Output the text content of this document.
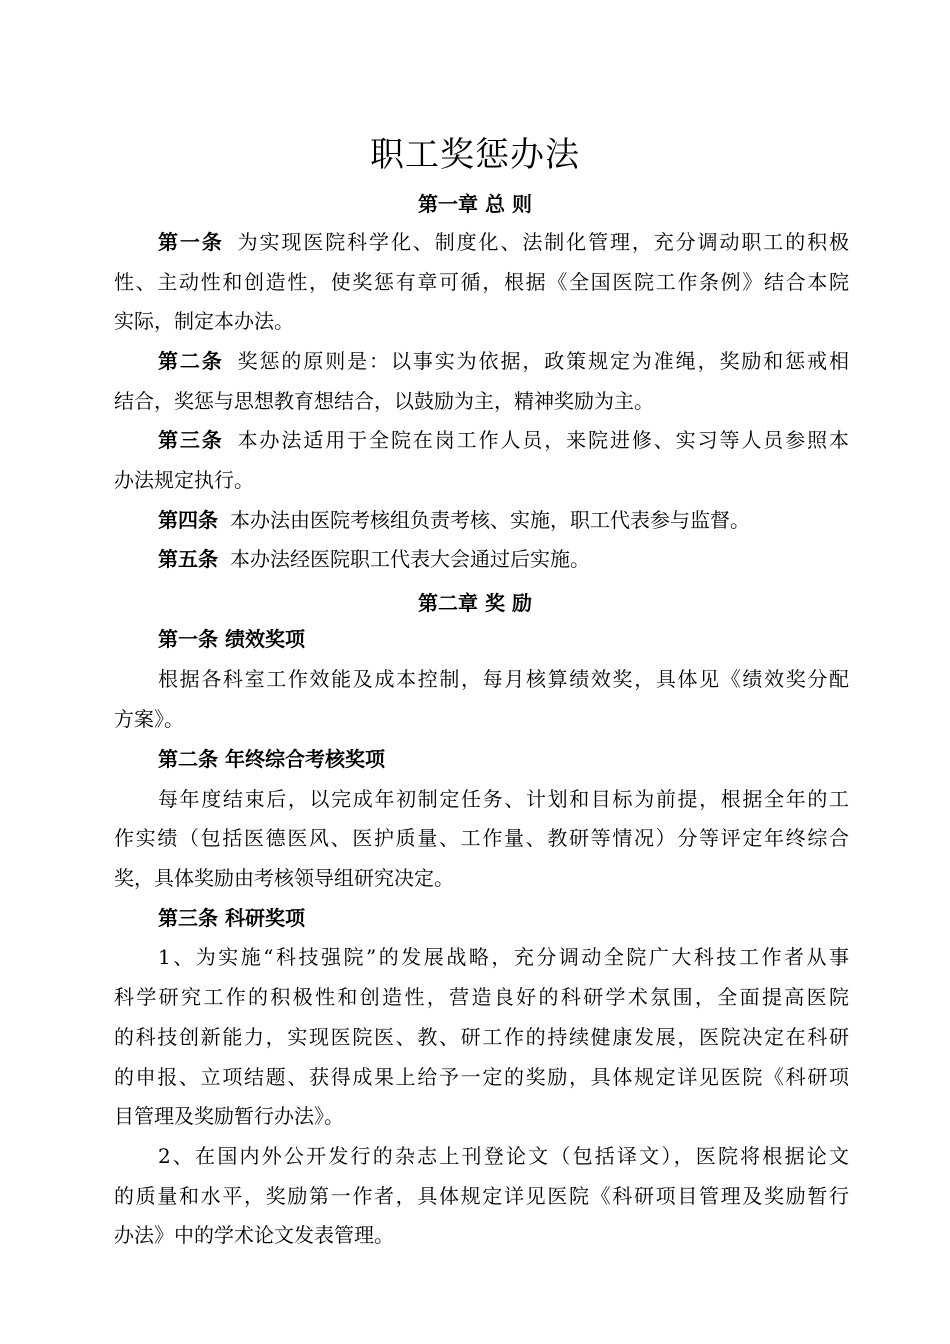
职工奖惩办法
第一章 总 则
第一条 为实现医院科学化、制度化、法制化管理，充分调动职工的积极
性、主动性和创造性，使奖惩有章可循，根据《全国医院工作条例》结合本院
实际，制定本办法。
第二条 奖惩的原则是：以事实为依据，政策规定为准绳，奖励和惩戒相
结合，奖惩与思想教育想结合，以鼓励为主，精神奖励为主。
第三条 本办法适用于全院在岗工作人员，来院进修、实习等人员参照本
办法规定执行。
第四条 本办法由医院考核组负责考核、实施，职工代表参与监督。
第五条 本办法经医院职工代表大会通过后实施。
第二章 奖 励
第一条 绩效奖项
根据各科室工作效能及成本控制，每月核算绩效奖，具体见《绩效奖分配
方案》。
第二条 年终综合考核奖项
每年度结束后，以完成年初制定任务、计划和目标为前提，根据全年的工
作实绩（包括医德医风、医护质量、工作量、教研等情况）分等评定年终综合
奖，具体奖励由考核领导组研究决定。
第三条 科研奖项
1、为实施“科技强院”的发展战略，充分调动全院广大科技工作者从事
科学研究工作的积极性和创造性，营造良好的科研学术氛围，全面提高医院
的科技创新能力，实现医院医、教、研工作的持续健康发展，医院决定在科研
的申报、立项结题、获得成果上给予一定的奖励，具体规定详见医院《科研项
目管理及奖励暂行办法》。
2、在国内外公开发行的杂志上刊登论文（包括译文），医院将根据论文
的质量和水平，奖励第一作者，具体规定详见医院《科研项目管理及奖励暂行
办法》中的学术论文发表管理。
